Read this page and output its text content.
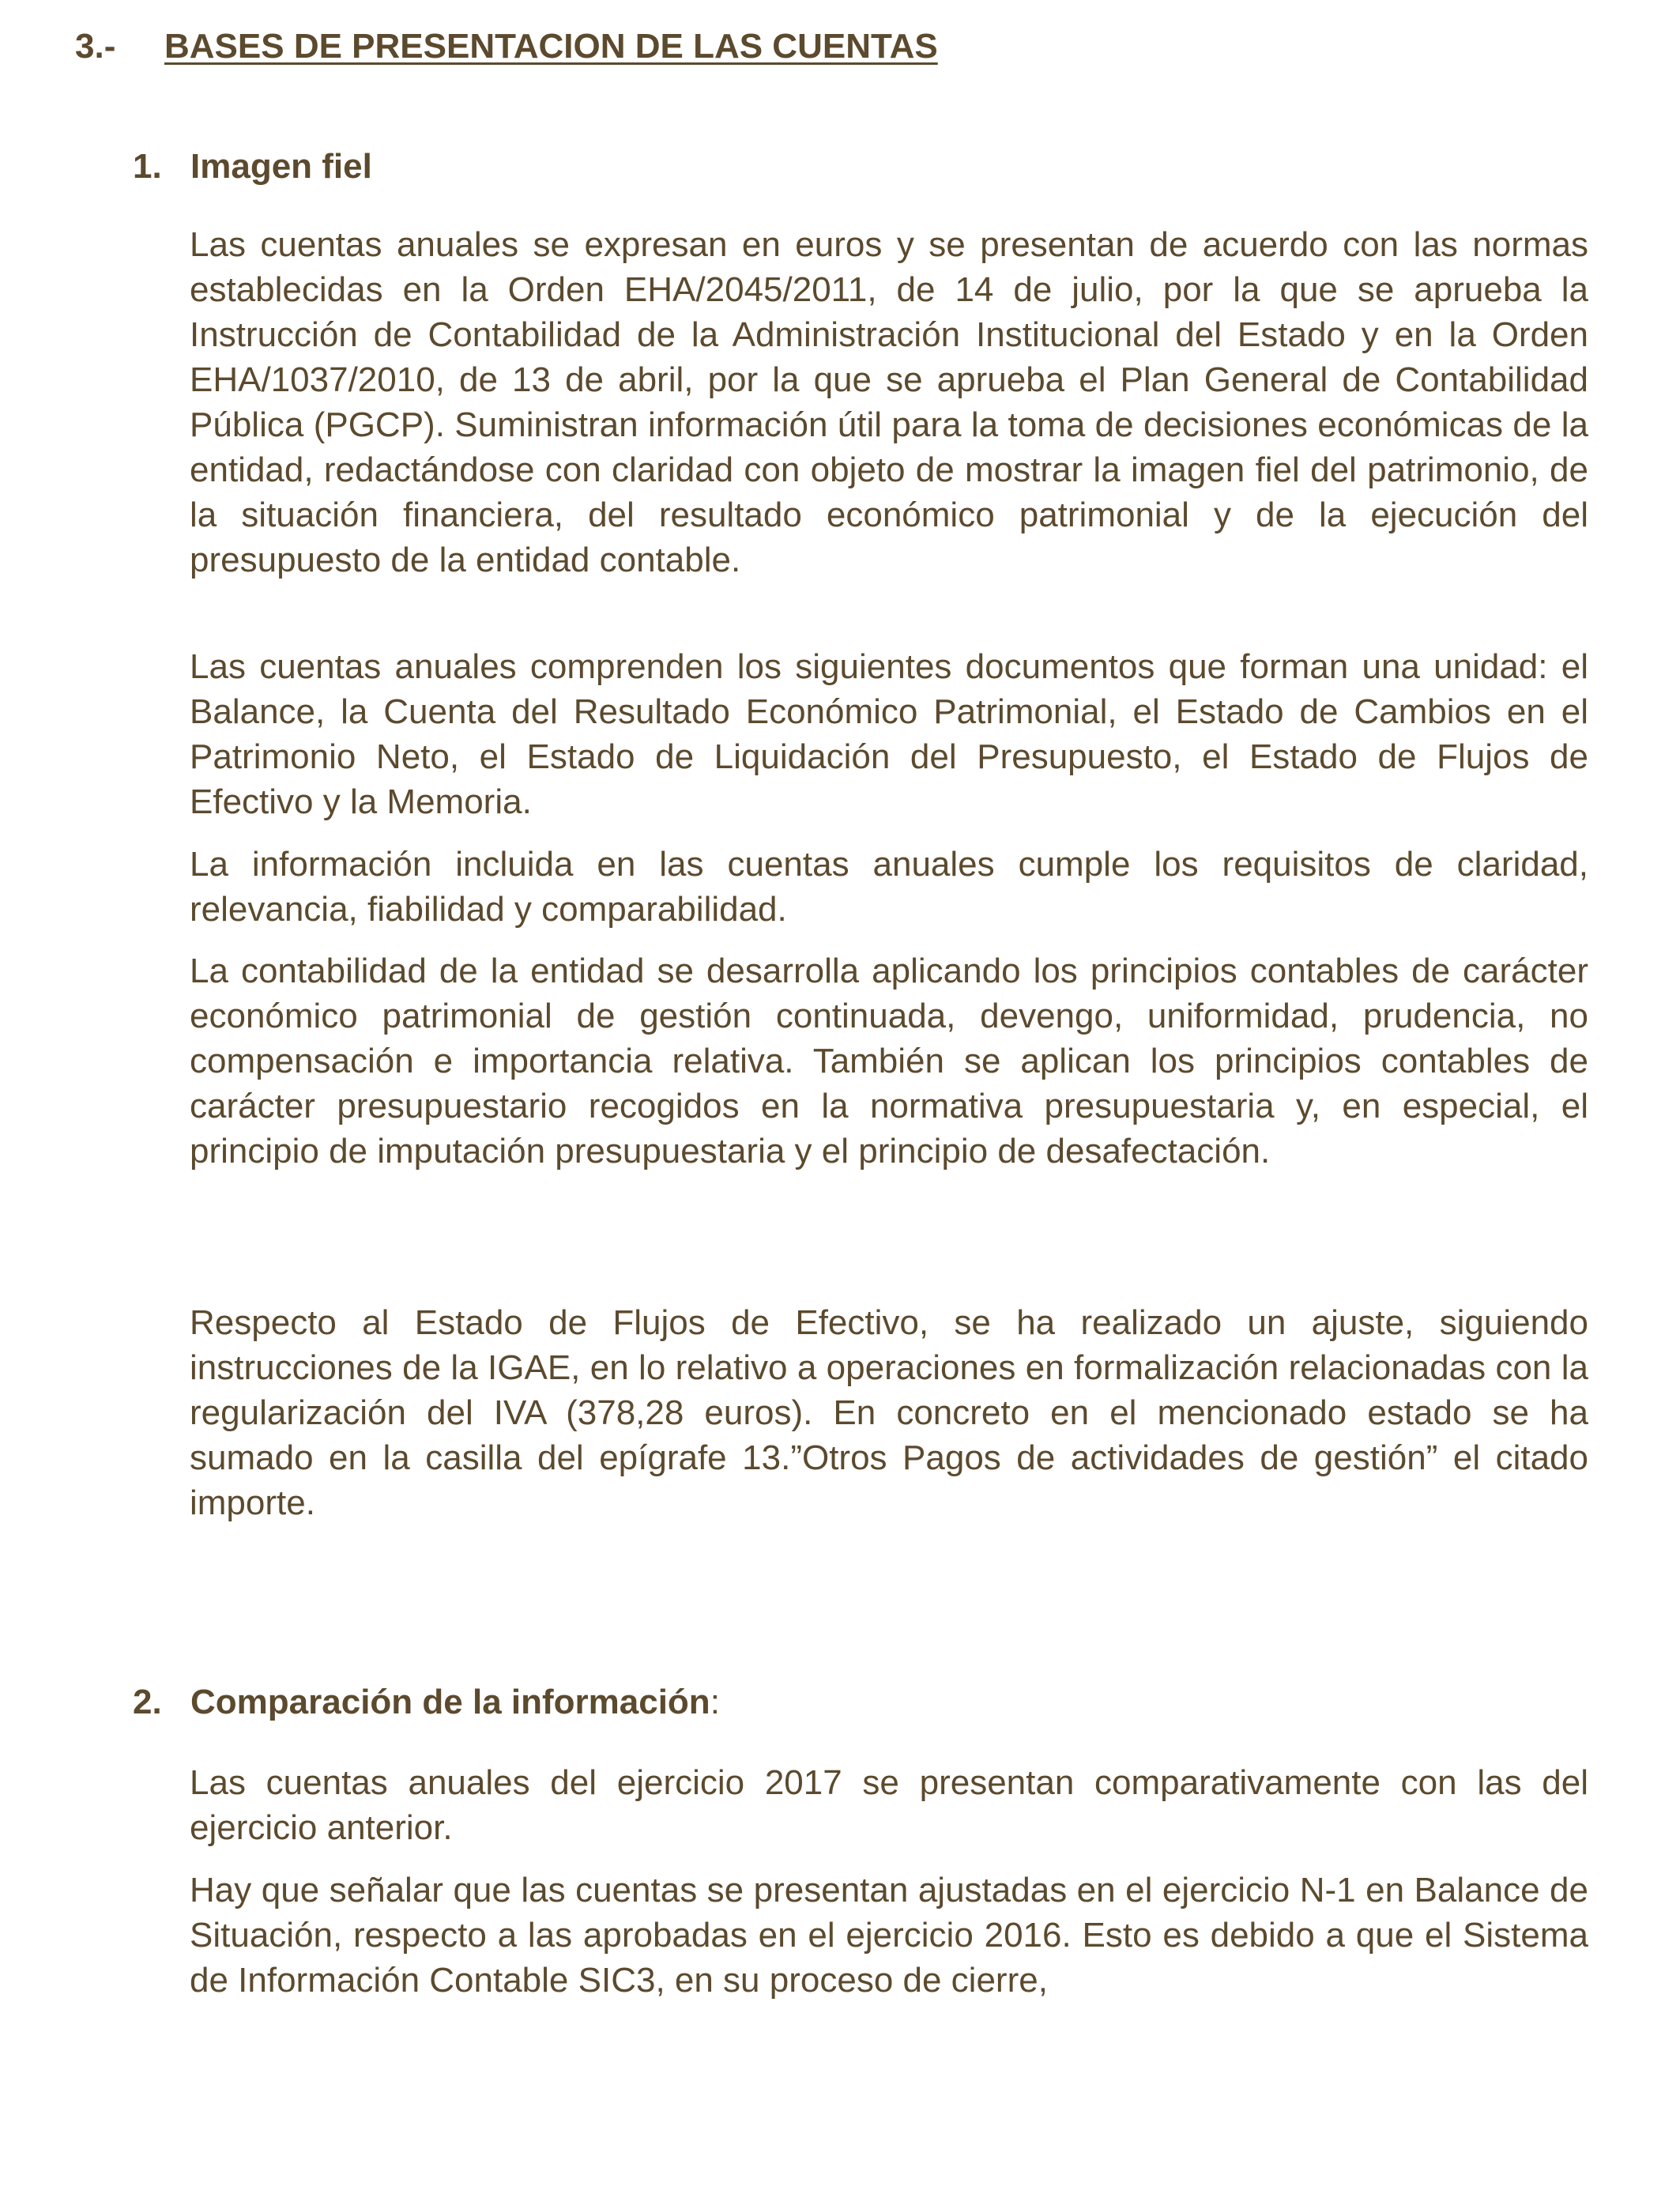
3.- BASES DE PRESENTACION DE LAS CUENTAS
1. Imagen fiel

Las cuentas anuales se expresan en euros y se presentan de acuerdo con las normas establecidas en la Orden EHA/2045/2011, de 14 de julio, por la que se aprueba la Instrucción de Contabilidad de la Administración Institucional del Estado y en la Orden EHA/1037/2010, de 13 de abril, por la que se aprueba el Plan General de Contabilidad Pública (PGCP). Suministran información útil para la toma de decisiones económicas de la entidad, redactándose con claridad con objeto de mostrar la imagen fiel del patrimonio, de la situación financiera, del resultado económico patrimonial y de la ejecución del presupuesto de la entidad contable.

Las cuentas anuales comprenden los siguientes documentos que forman una unidad: el Balance, la Cuenta del Resultado Económico Patrimonial, el Estado de Cambios en el Patrimonio Neto, el Estado de Liquidación del Presupuesto, el Estado de Flujos de Efectivo y la Memoria.

La información incluida en las cuentas anuales cumple los requisitos de claridad, relevancia, fiabilidad y comparabilidad.

La contabilidad de la entidad se desarrolla aplicando los principios contables de carácter económico patrimonial de gestión continuada, devengo, uniformidad, prudencia, no compensación e importancia relativa. También se aplican los principios contables de carácter presupuestario recogidos en la normativa presupuestaria y, en especial, el principio de imputación presupuestaria y el principio de desafectación.

Respecto al Estado de Flujos de Efectivo, se ha realizado un ajuste, siguiendo instrucciones de la IGAE, en lo relativo a operaciones en formalización relacionadas con la regularización del IVA (378,28 euros). En concreto en el mencionado estado se ha sumado en la casilla del epígrafe 13.”Otros Pagos de actividades de gestión” el citado importe.

2. Comparación de la información:

Las cuentas anuales del ejercicio 2017 se presentan comparativamente con las del ejercicio anterior.

Hay que señalar que las cuentas se presentan ajustadas en el ejercicio N-1 en Balance de Situación, respecto a las aprobadas en el ejercicio 2016. Esto es debido a que el Sistema de Información Contable SIC3, en su proceso de cierre,
